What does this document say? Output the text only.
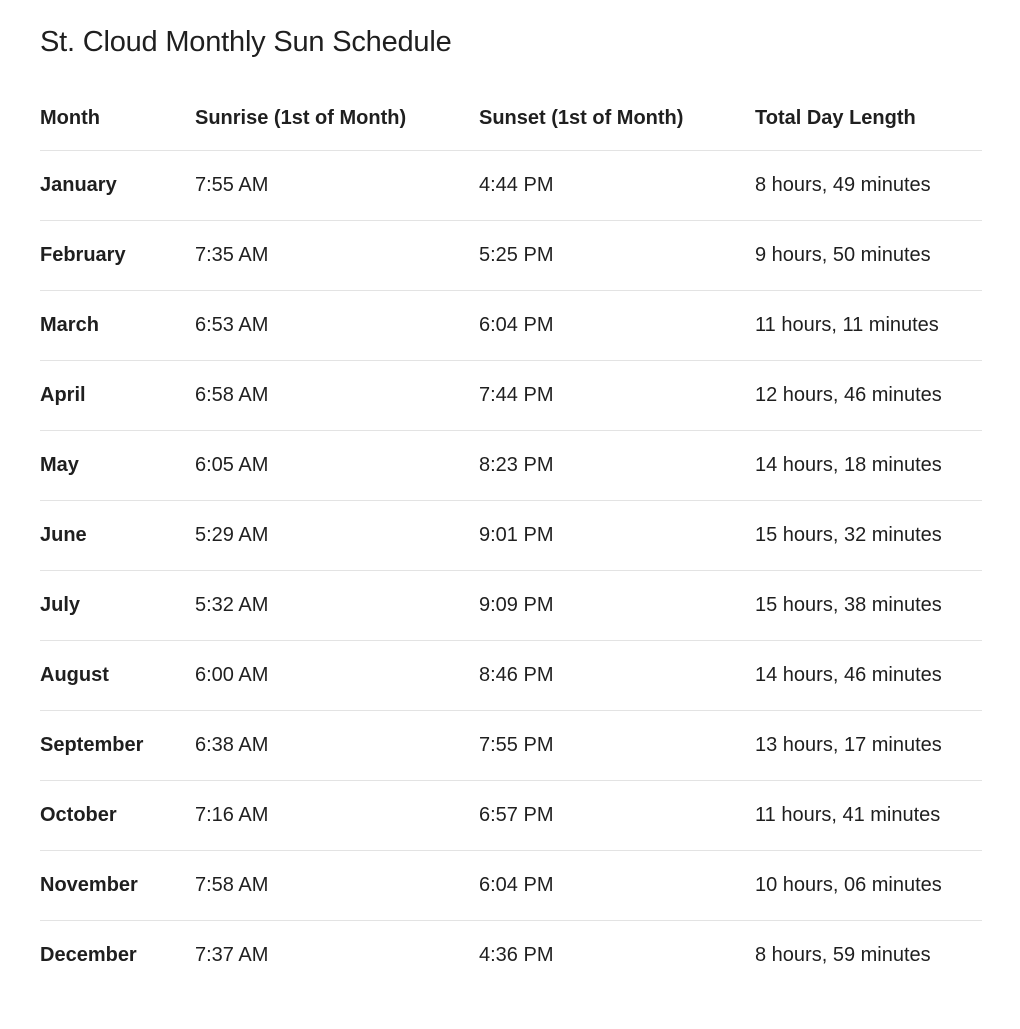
St. Cloud Monthly Sun Schedule
Month	Sunrise (1st of Month)	Sunset (1st of Month)	Total Day Length
January	7:55 AM	4:44 PM	8 hours, 49 minutes
February	7:35 AM	5:25 PM	9 hours, 50 minutes
March	6:53 AM	6:04 PM	11 hours, 11 minutes
April	6:58 AM	7:44 PM	12 hours, 46 minutes
May	6:05 AM	8:23 PM	14 hours, 18 minutes
June	5:29 AM	9:01 PM	15 hours, 32 minutes
July	5:32 AM	9:09 PM	15 hours, 38 minutes
August	6:00 AM	8:46 PM	14 hours, 46 minutes
September	6:38 AM	7:55 PM	13 hours, 17 minutes
October	7:16 AM	6:57 PM	11 hours, 41 minutes
November	7:58 AM	6:04 PM	10 hours, 06 minutes
December	7:37 AM	4:36 PM	8 hours, 59 minutes
